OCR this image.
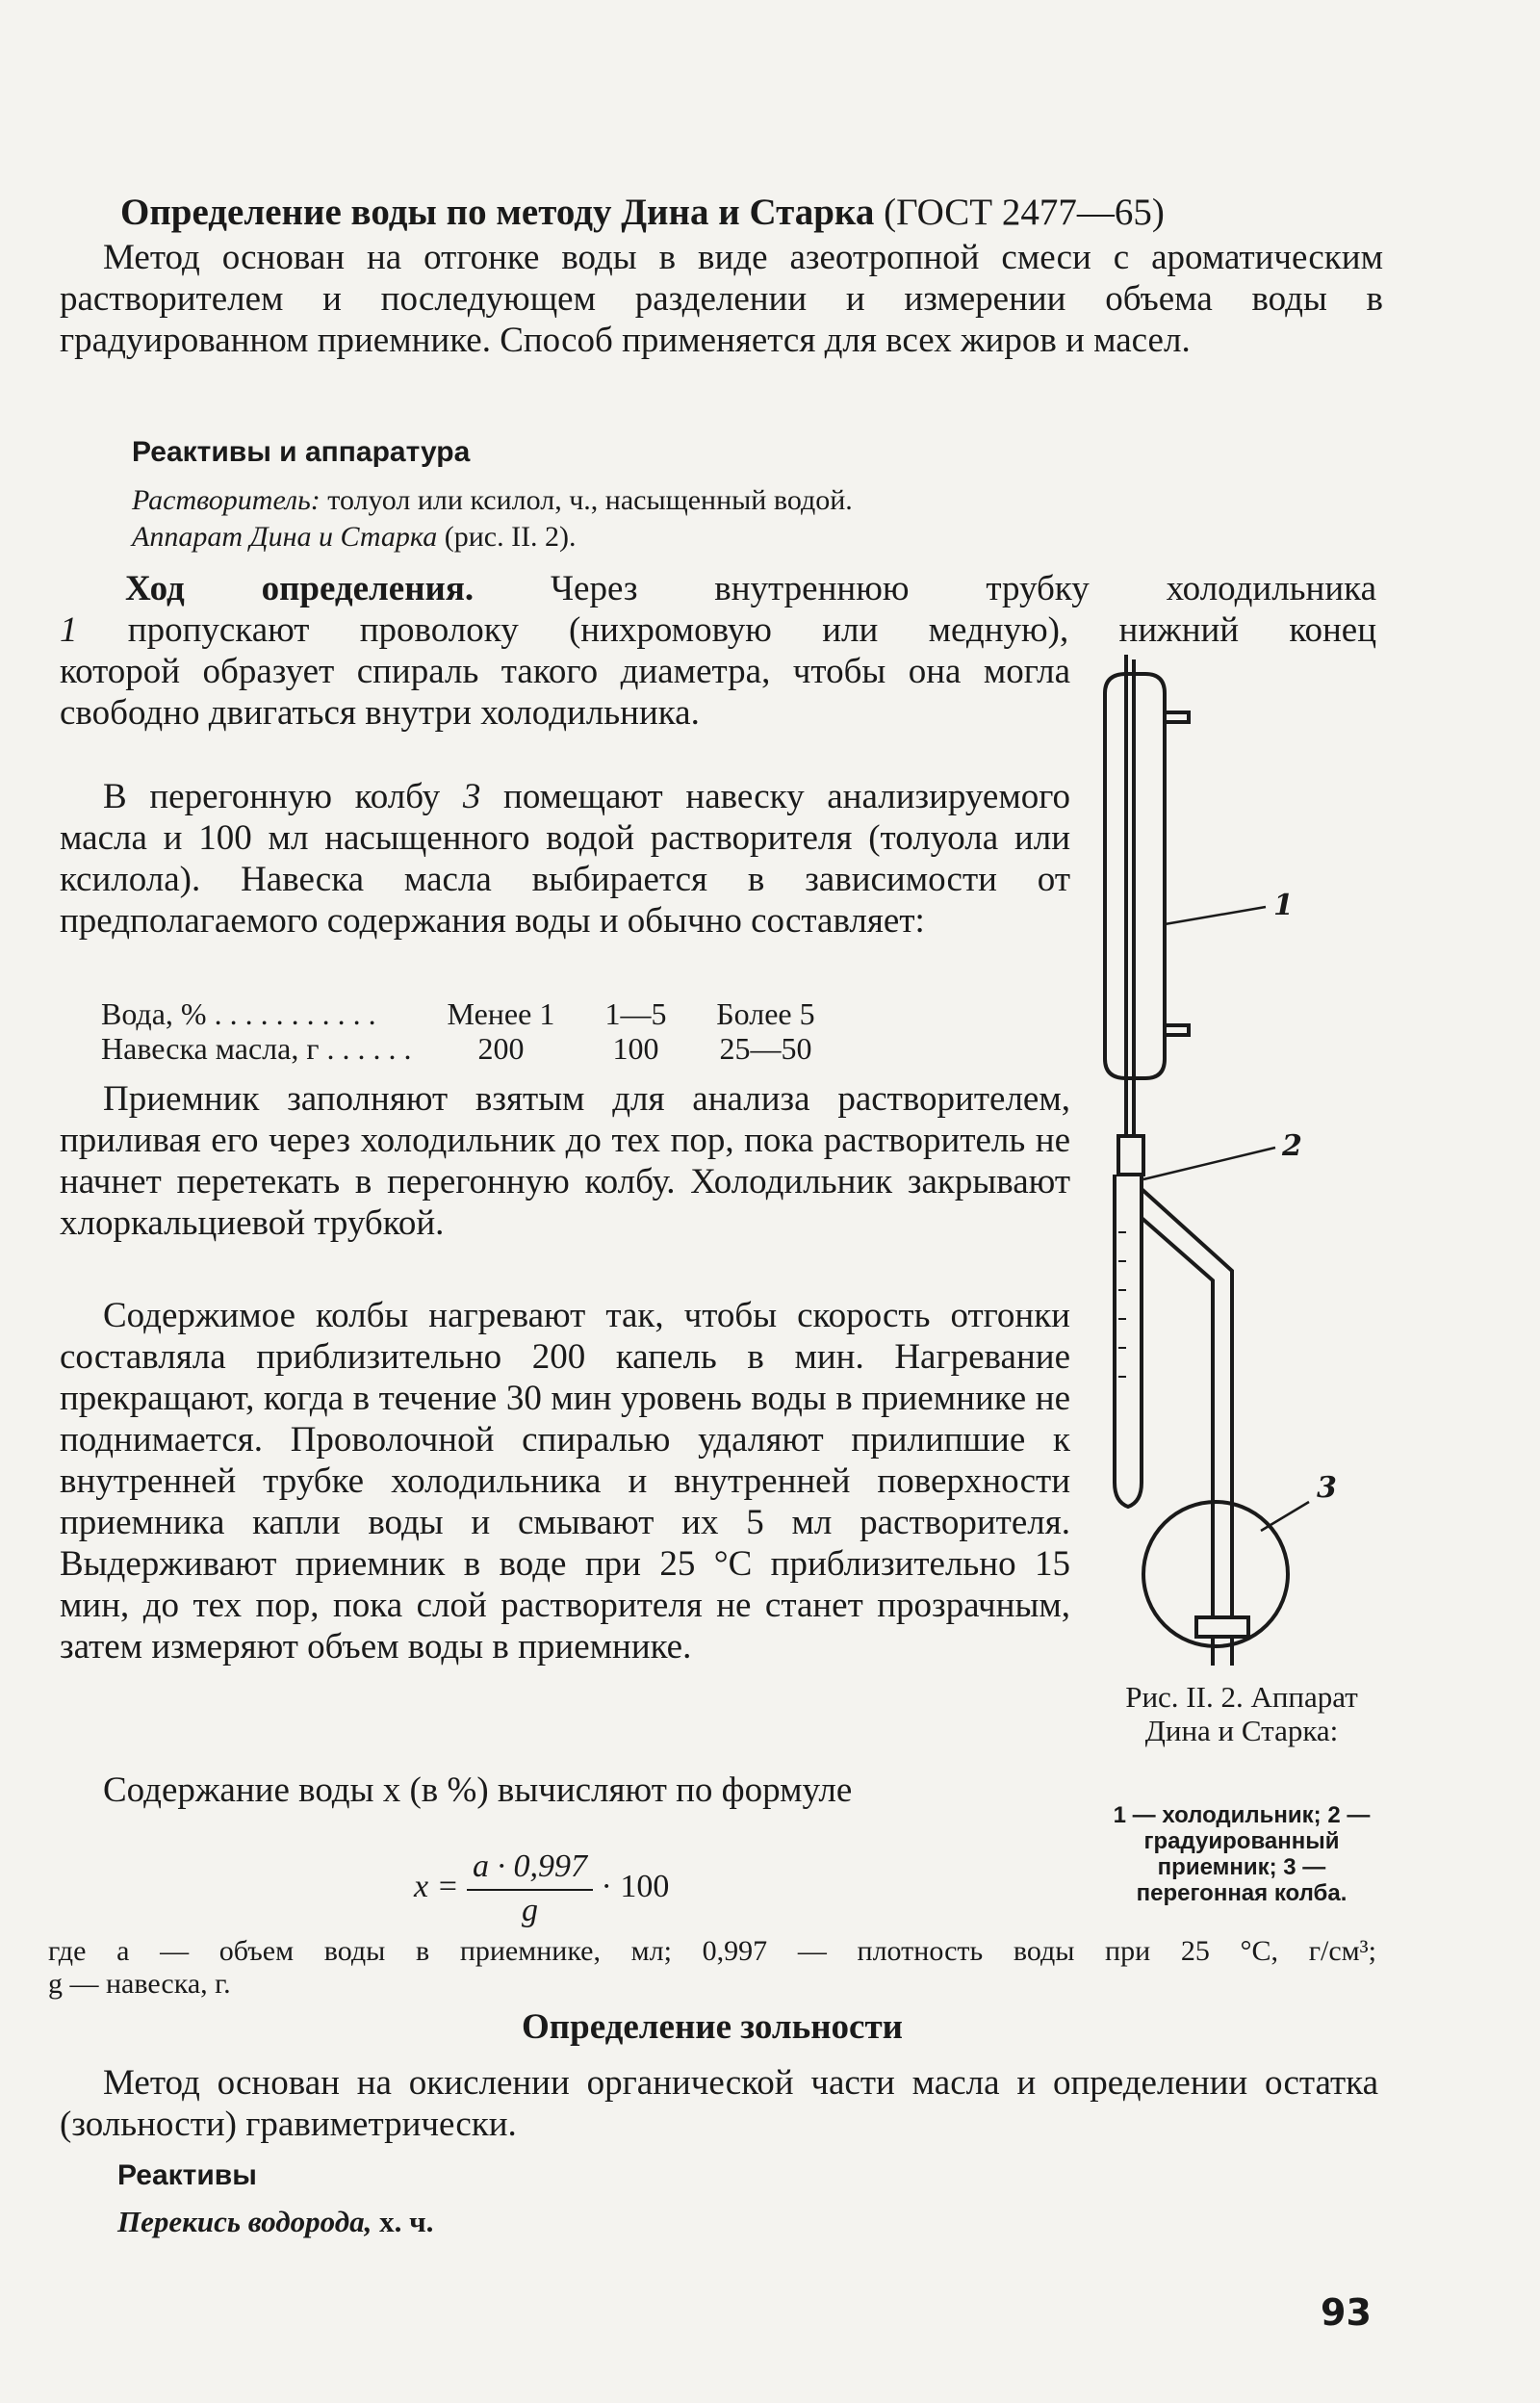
Определение воды по методу Дина и Старка (ГОСТ 2477—65)
Метод основан на отгонке воды в виде азеотропной смеси с ароматическим растворителем и последующем разделении и измерении объема воды в градуированном приемнике. Способ применяется для всех жиров и масел.
Реактивы и аппаратура
Растворитель: толуол или ксилол, ч., насыщенный водой.
Аппарат Дина и Старка (рис. II. 2).
Ход определения. Через внутреннюю трубку холодильника
1 пропускают проволоку (нихромовую или медную), нижний конец
которой образует спираль такого диаметра, чтобы она могла свободно двигаться внутри холодильника.
В перегонную колбу 3 помещают навеску анализируемого масла и 100 мл насыщенного водой растворителя (толуола или ксилола). Навеска масла выбирается в зависимости от предполагаемого содержания воды и обычно составляет:
Вода, % ...........	Менее 1	1—5	Более 5
Навеска масла, г ......	200	100	25—50
Приемник заполняют взятым для анализа растворителем, приливая его через холодильник до тех пор, пока растворитель не начнет перетекать в перегонную колбу. Холодильник закрывают хлоркальциевой трубкой.
Содержимое колбы нагревают так, чтобы скорость отгонки составляла приблизительно 200 капель в мин. Нагревание прекращают, когда в течение 30 мин уровень воды в приемнике не поднимается. Проволочной спиралью удаляют прилипшие к внутренней трубке холодильника и внутренней поверхности приемника капли воды и смывают их 5 мл растворителя. Выдерживают приемник в воде при 25 °С приблизительно 15 мин, до тех пор, пока слой растворителя не станет прозрачным, затем измеряют объем воды в приемнике.
Содержание воды x (в %) вычисляют по формуле
$x = \frac{a \cdot 0,997}{g} \cdot 100$
где a — объем воды в приемнике, мл; 0,997 — плотность воды при 25 °С, г/см³;
g — навеска, г.
1
2
3
Рис. II. 2. Аппарат Дина и Старка:
1 — холодильник; 2 — градуированный приемник; 3 — перегонная колба.
Определение зольности
Метод основан на окислении органической части масла и определении остатка (зольности) гравиметрически.
Реактивы
Перекись водорода, х. ч.
93
